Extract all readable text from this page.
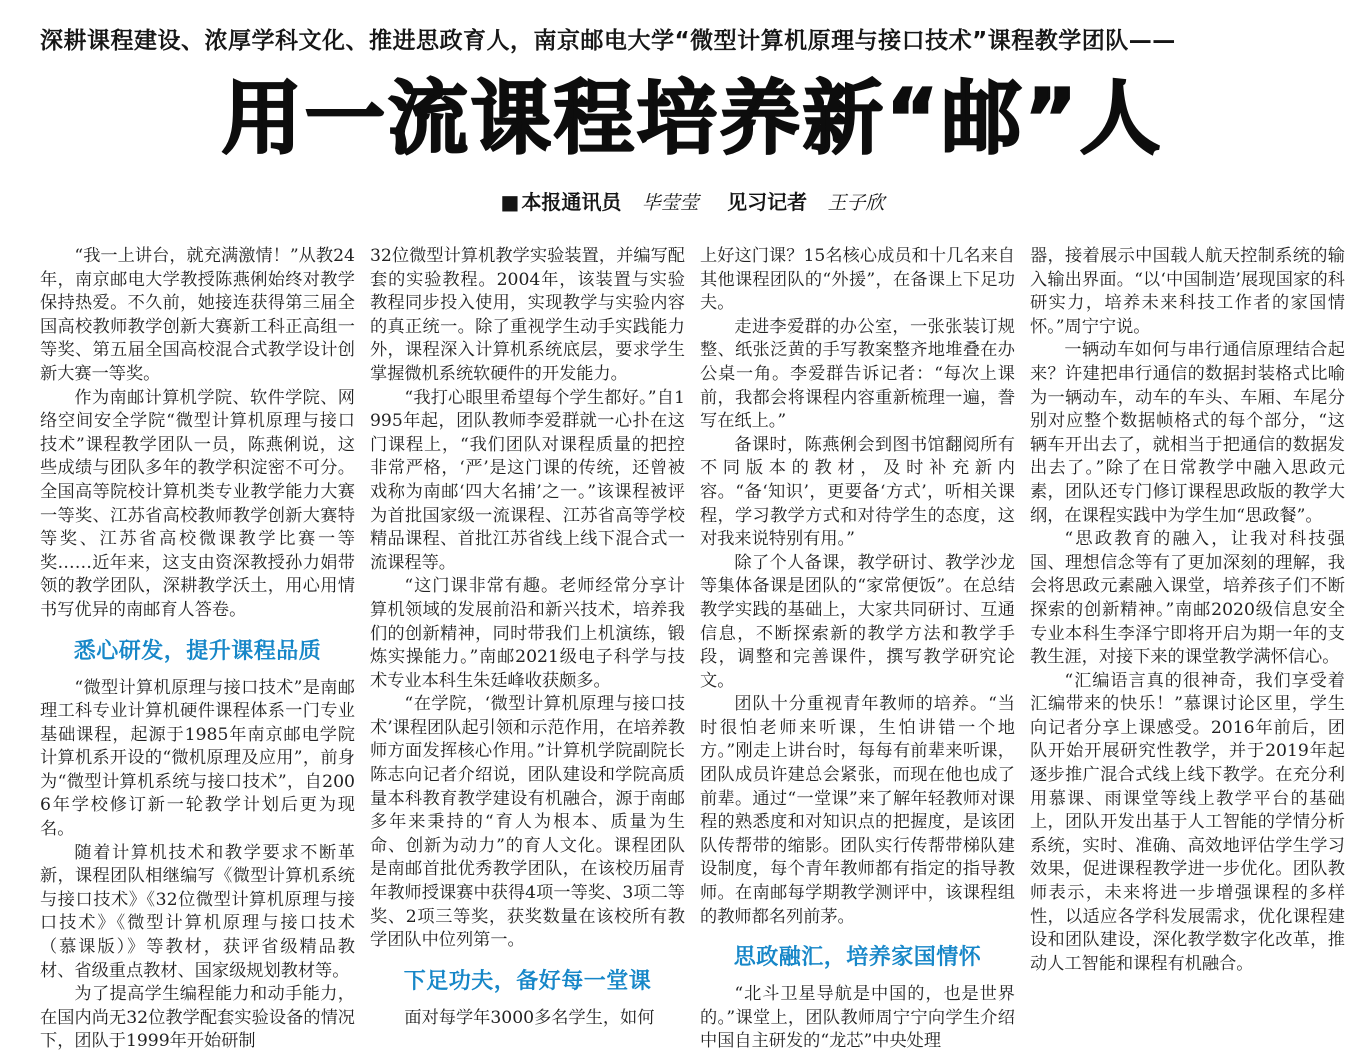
深耕课程建设、浓厚学科文化、推进思政育人，南京邮电大学“微型计算机原理与接口技术”课程教学团队——
用一流课程培养新“邮”人
■ 本报通讯员 毕莹莹 见习记者 王子欣

“我一上讲台，就充满激情！”从教24年，南京邮电大学教授陈燕俐始终对教学保持热爱。不久前，她接连获得第三届全国高校教师教学创新大赛新工科正高组一等奖、第五届全国高校混合式教学设计创新大赛一等奖。

作为南邮计算机学院、软件学院、网络空间安全学院“微型计算机原理与接口技术”课程教学团队一员，陈燕俐说，这些成绩与团队多年的教学积淀密不可分。全国高等院校计算机类专业教学能力大赛一等奖、江苏省高校教师教学创新大赛特等奖、江苏省高校微课教学比赛一等奖……近年来，这支由资深教授孙力娟带领的教学团队，深耕教学沃土，用心用情书写优异的南邮育人答卷。

悉心研发，提升课程品质

“微型计算机原理与接口技术”是南邮理工科专业计算机硬件课程体系一门专业基础课程，起源于1985年南京邮电学院计算机系开设的“微机原理及应用”，前身为“微型计算机系统与接口技术”，自2006年学校修订新一轮教学计划后更为现名。

随着计算机技术和教学要求不断革新，课程团队相继编写《微型计算机系统与接口技术》《32位微型计算机原理与接口技术》《微型计算机原理与接口技术（慕课版）》等教材，获评省级精品教材、省级重点教材、国家级规划教材等。

为了提高学生编程能力和动手能力，在国内尚无32位教学配套实验设备的情况下，团队于1999年开始研制

32位微型计算机教学实验装置，并编写配套的实验教程。2004年，该装置与实验教程同步投入使用，实现教学与实验内容的真正统一。除了重视学生动手实践能力外，课程深入计算机系统底层，要求学生掌握微机系统软硬件的开发能力。

“我打心眼里希望每个学生都好。”自1995年起，团队教师李爱群就一心扑在这门课程上，“我们团队对课程质量的把控非常严格，‘严’是这门课的传统，还曾被戏称为南邮‘四大名捕’之一。”该课程被评为首批国家级一流课程、江苏省高等学校精品课程、首批江苏省线上线下混合式一流课程等。

“这门课非常有趣。老师经常分享计算机领域的发展前沿和新兴技术，培养我们的创新精神，同时带我们上机演练，锻炼实操能力。”南邮2021级电子科学与技术专业本科生朱廷峰收获颇多。

“在学院，‘微型计算机原理与接口技术’课程团队起引领和示范作用，在培养教师方面发挥核心作用。”计算机学院副院长陈志向记者介绍说，团队建设和学院高质量本科教育教学建设有机融合，源于南邮多年来秉持的“育人为根本、质量为生命、创新为动力”的育人文化。课程团队是南邮首批优秀教学团队，在该校历届青年教师授课赛中获得4项一等奖、3项二等奖、2项三等奖，获奖数量在该校所有教学团队中位列第一。

下足功夫，备好每一堂课

面对每学年3000多名学生，如何

上好这门课？15名核心成员和十几名来自其他课程团队的“外援”，在备课上下足功夫。

走进李爱群的办公室，一张张装订规整、纸张泛黄的手写教案整齐地堆叠在办公桌一角。李爱群告诉记者：“每次上课前，我都会将课程内容重新梳理一遍，誊写在纸上。”

备课时，陈燕俐会到图书馆翻阅所有不同版本的教材，及时补充新内容。“备‘知识’，更要备‘方式’，听相关课程，学习教学方式和对待学生的态度，这对我来说特别有用。”

除了个人备课，教学研讨、教学沙龙等集体备课是团队的“家常便饭”。在总结教学实践的基础上，大家共同研讨、互通信息，不断探索新的教学方法和教学手段，调整和完善课件，撰写教学研究论文。

团队十分重视青年教师的培养。“当时很怕老师来听课，生怕讲错一个地方。”刚走上讲台时，每每有前辈来听课，团队成员许建总会紧张，而现在他也成了前辈。通过“一堂课”来了解年轻教师对课程的熟悉度和对知识点的把握度，是该团队传帮带的缩影。团队实行传帮带梯队建设制度，每个青年教师都有指定的指导教师。在南邮每学期教学测评中，该课程组的教师都名列前茅。

思政融汇，培养家国情怀

“北斗卫星导航是中国的，也是世界的。”课堂上，团队教师周宁宁向学生介绍中国自主研发的“龙芯”中央处理

器，接着展示中国载人航天控制系统的输入输出界面。“以‘中国制造’展现国家的科研实力，培养未来科技工作者的家国情怀。”周宁宁说。

一辆动车如何与串行通信原理结合起来？许建把串行通信的数据封装格式比喻为一辆动车，动车的车头、车厢、车尾分别对应整个数据帧格式的每个部分，“这辆车开出去了，就相当于把通信的数据发出去了。”除了在日常教学中融入思政元素，团队还专门修订课程思政版的教学大纲，在课程实践中为学生加“思政餐”。

“思政教育的融入，让我对科技强国、理想信念等有了更加深刻的理解，我会将思政元素融入课堂，培养孩子们不断探索的创新精神。”南邮2020级信息安全专业本科生李泽宁即将开启为期一年的支教生涯，对接下来的课堂教学满怀信心。

“汇编语言真的很神奇，我们享受着汇编带来的快乐！”慕课讨论区里，学生向记者分享上课感受。2016年前后，团队开始开展研究性教学，并于2019年起逐步推广混合式线上线下教学。在充分利用慕课、雨课堂等线上教学平台的基础上，团队开发出基于人工智能的学情分析系统，实时、准确、高效地评估学生学习效果，促进课程教学进一步优化。团队教师表示，未来将进一步增强课程的多样性，以适应各学科发展需求，优化课程建设和团队建设，深化教学数字化改革，推动人工智能和课程有机融合。
